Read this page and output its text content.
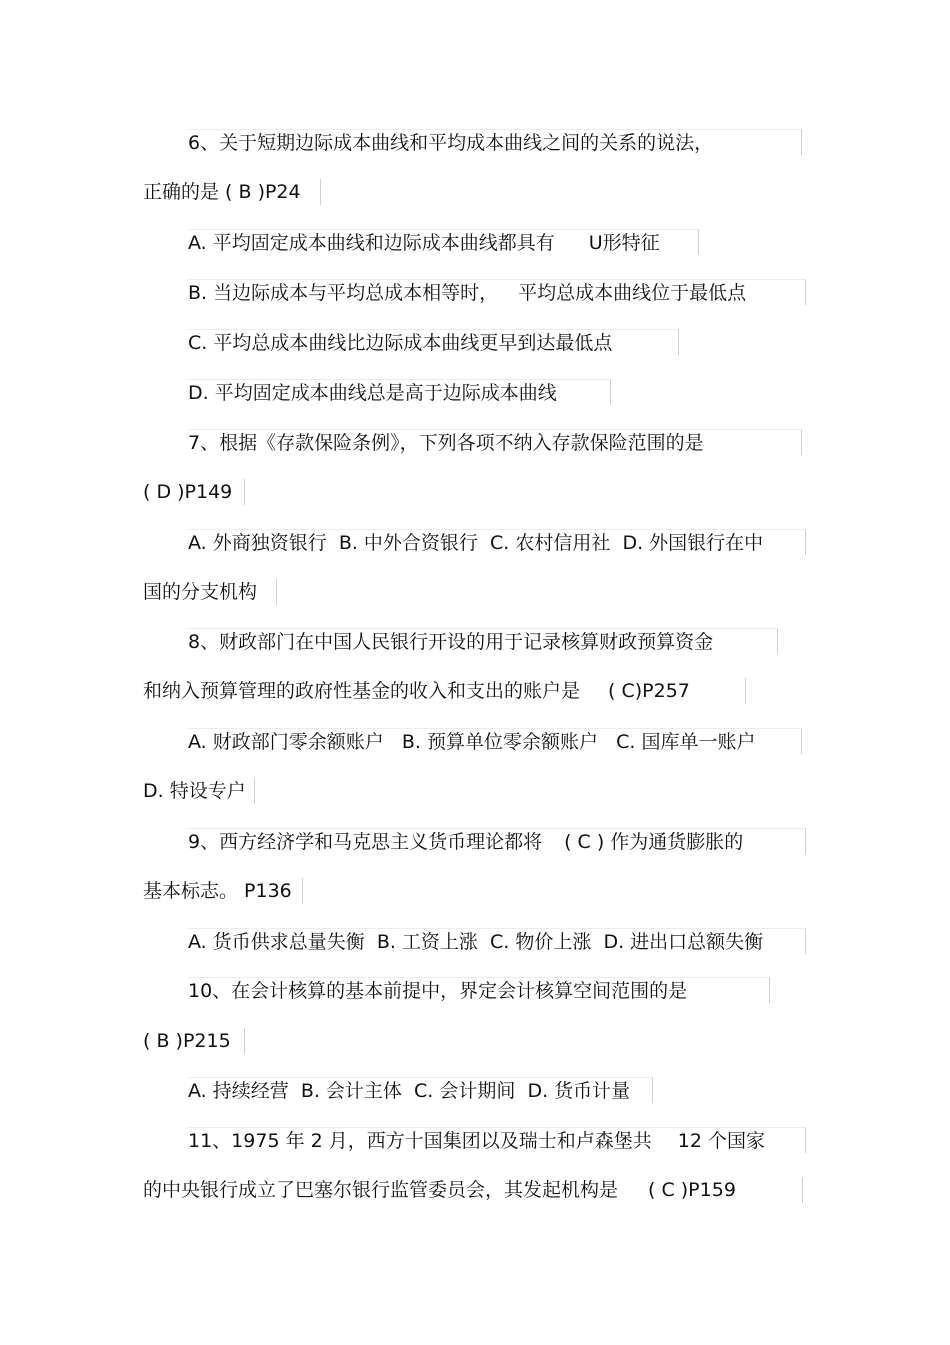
6、关于短期边际成本曲线和平均成本曲线之间的关系的说法，
正确的是 ( B )P24
A. 平均固定成本曲线和边际成本曲线都具有 U形特征
B. 当边际成本与平均总成本相等时， 平均总成本曲线位于最低点
C. 平均总成本曲线比边际成本曲线更早到达最低点
D. 平均固定成本曲线总是高于边际成本曲线
7、根据《存款保险条例》，下列各项不纳入存款保险范围的是
( D )P149
A. 外商独资银行  B. 中外合资银行  C. 农村信用社  D. 外国银行在中
国的分支机构
8、财政部门在中国人民银行开设的用于记录核算财政预算资金
和纳入预算管理的政府性基金的收入和支出的账户是 ( C)P257
A. 财政部门零余额账户   B. 预算单位零余额账户   C. 国库单一账户
D. 特设专户
9、西方经济学和马克思主义货币理论都将 ( C ) 作为通货膨胀的
基本标志。 P136
A. 货币供求总量失衡  B. 工资上涨  C. 物价上涨  D. 进出口总额失衡
10、在会计核算的基本前提中，界定会计核算空间范围的是
( B )P215
A. 持续经营  B. 会计主体  C. 会计期间  D. 货币计量
11、1975 年 2 月，西方十国集团以及瑞士和卢森堡共 12 个国家
的中央银行成立了巴塞尔银行监管委员会，其发起机构是 ( C )P159
